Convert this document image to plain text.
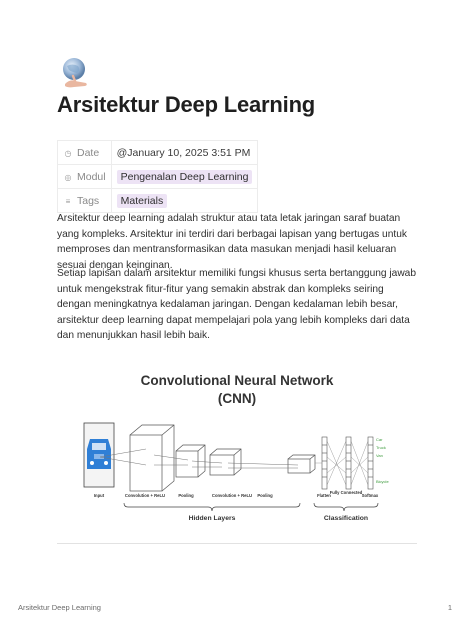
Arsitektur Deep Learning
◷ Date	@January 10, 2025 3:51 PM
◎ Modul	Pengenalan Deep Learning
≡ Tags	Materials

Arsitektur deep learning adalah struktur atau tata letak jaringan saraf buatan yang kompleks. Arsitektur ini terdiri dari berbagai lapisan yang bertugas untuk memproses dan mentransformasikan data masukan menjadi hasil keluaran sesuai dengan keinginan.

Setiap lapisan dalam arsitektur memiliki fungsi khusus serta bertanggung jawab untuk mengekstrak fitur-fitur yang semakin abstrak dan kompleks seiring dengan meningkatnya kedalaman jaringan. Dengan kedalaman lebih besar, arsitektur deep learning dapat mempelajari pola yang lebih kompleks dari data dan menunjukkan hasil lebih baik.

Convolutional Neural Network
(CNN)
Car
Truck
Van
Bicycle
Input	Convolution + ReLU	Pooling	Convolution + ReLU Pooling	Flatten
Fully Connected
Softmax
Hidden Layers	Classification
Arsitektur Deep Learning	1
